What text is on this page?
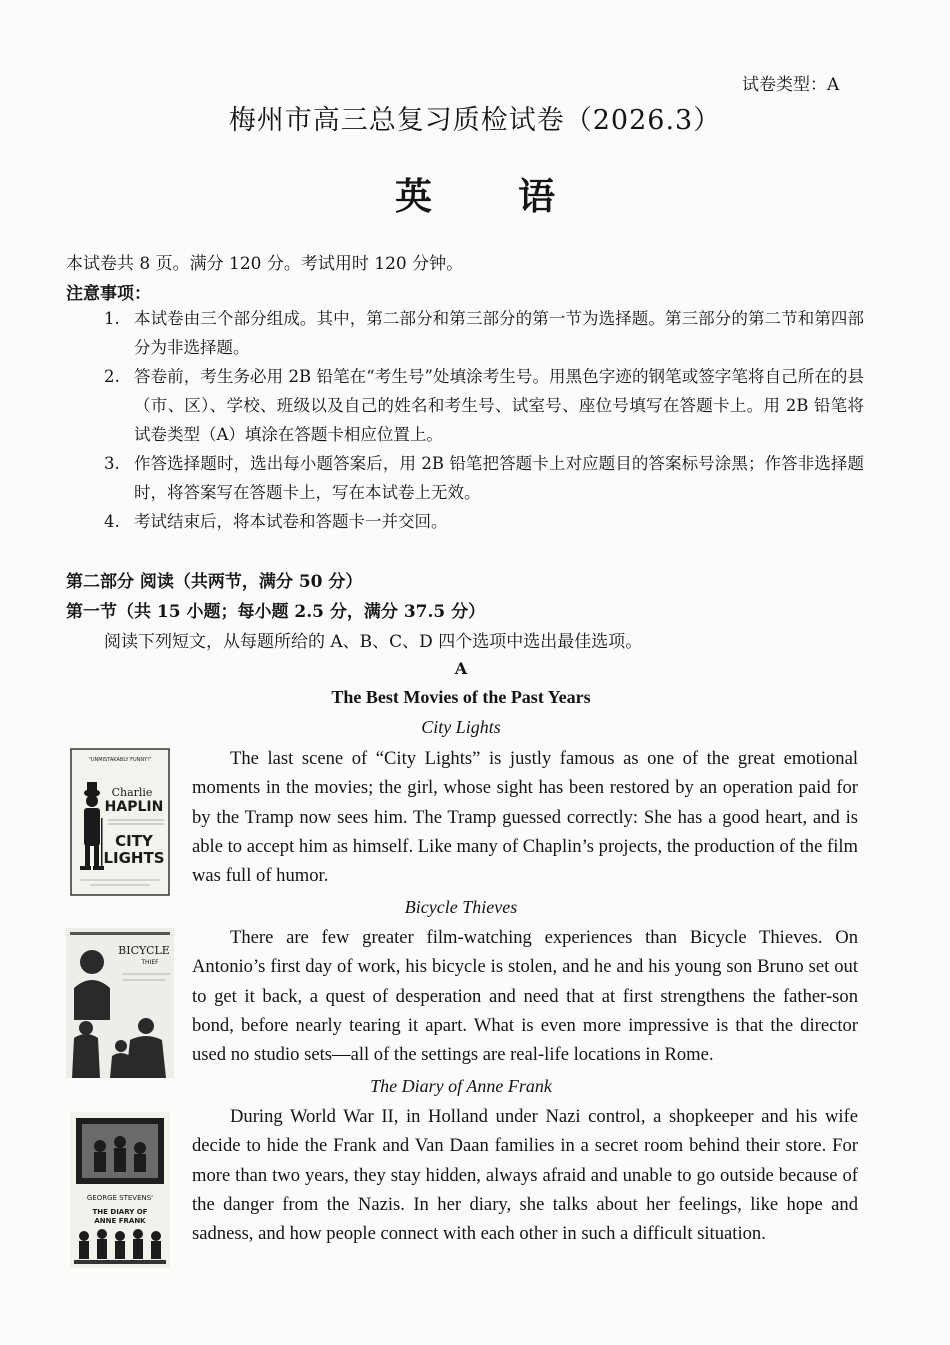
试卷类型：A
梅州市高三总复习质检试卷（2026.3）
英语
本试卷共 8 页。满分 120 分。考试用时 120 分钟。
注意事项：
1. 本试卷由三个部分组成。其中，第二部分和第三部分的第一节为选择题。第三部分的第二节和第四部分为非选择题。
2. 答卷前，考生务必用 2B 铅笔在“考生号”处填涂考生号。用黑色字迹的钢笔或签字笔将自己所在的县（市、区）、学校、班级以及自己的姓名和考生号、试室号、座位号填写在答题卡上。用 2B 铅笔将试卷类型（A）填涂在答题卡相应位置上。
3. 作答选择题时，选出每小题答案后，用 2B 铅笔把答题卡上对应题目的答案标号涂黑；作答非选择题时，将答案写在答题卡上，写在本试卷上无效。
4. 考试结束后，将本试卷和答题卡一并交回。
第二部分 阅读（共两节，满分 50 分）
第一节（共 15 小题；每小题 2.5 分，满分 37.5 分）
阅读下列短文，从每题所给的 A、B、C、D 四个选项中选出最佳选项。
A
The Best Movies of the Past Years
City Lights
"UNMISTAKABLY FUNNY!"
Charlie
HAPLIN
CITY
LIGHTS

The last scene of “City Lights” is justly famous as one of the great emotional moments in the movies; the girl, whose sight has been restored by an operation paid for by the Tramp now sees him. The Tramp guessed correctly: She has a good heart, and is able to accept him as himself. Like many of Chaplin’s projects, the production of the film was full of humor.

Bicycle Thieves
BICYCLE
THIEF

There are few greater film-watching experiences than Bicycle Thieves. On Antonio’s first day of work, his bicycle is stolen, and he and his young son Bruno set out to get it back, a quest of desperation and need that at first strengthens the father-son bond, before nearly tearing it apart. What is even more impressive is that the director used no studio sets—all of the settings are real-life locations in Rome.

The Diary of Anne Frank
GEORGE STEVENS'
THE DIARY OF
ANNE FRANK

During World War II, in Holland under Nazi control, a shopkeeper and his wife decide to hide the Frank and Van Daan families in a secret room behind their store. For more than two years, they stay hidden, always afraid and unable to go outside because of the danger from the Nazis. In her diary, she talks about her feelings, like hope and sadness, and how people connect with each other in such a difficult situation.
